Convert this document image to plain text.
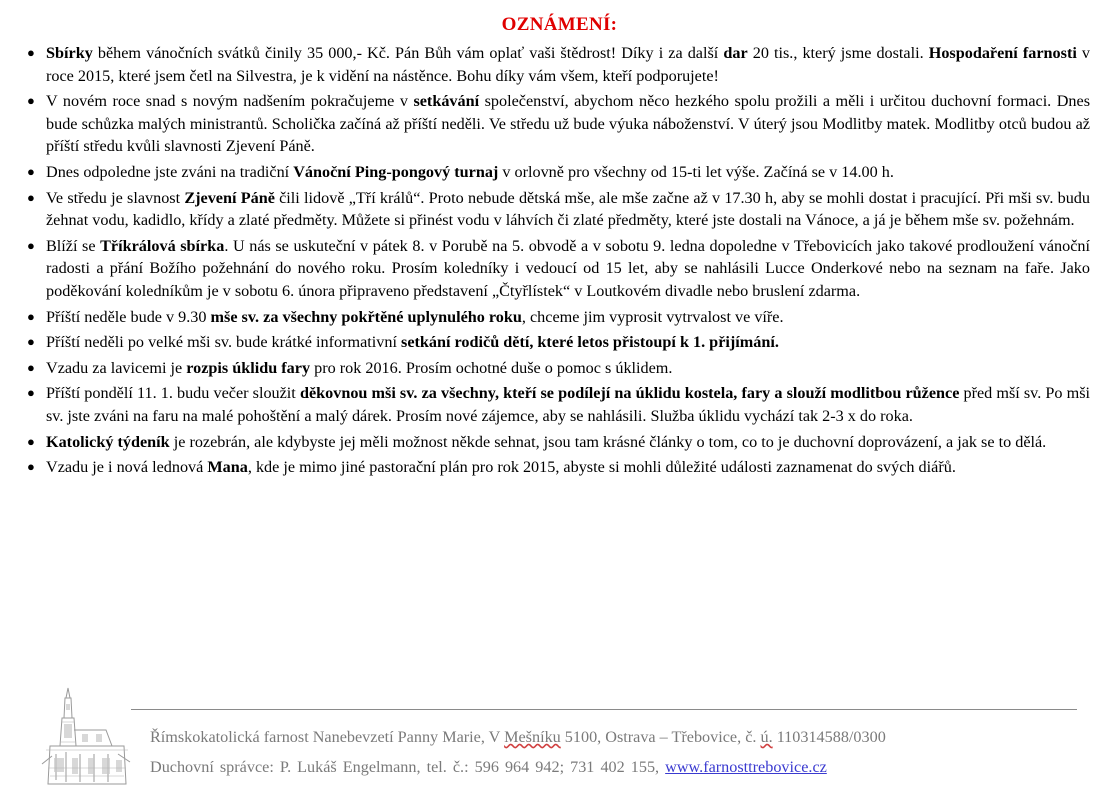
OZNÁMENÍ:
● Sbírky během vánočních svátků činily 35 000,- Kč. Pán Bůh vám oplať vaši štědrost! Díky i za další dar 20 tis., který jsme dostali. Hospodaření farnosti v roce 2015, které jsem četl na Silvestra, je k vidění na nástěnce. Bohu díky vám všem, kteří podporujete!
● V novém roce snad s novým nadšením pokračujeme v setkávání společenství, abychom něco hezkého spolu prožili a měli i určitou duchovní formaci. Dnes bude schůzka malých ministrantů. Scholička začíná až příští neděli. Ve středu už bude výuka náboženství. V úterý jsou Modlitby matek. Modlitby otců budou až příští středu kvůli slavnosti Zjevení Páně.
● Dnes odpoledne jste zváni na tradiční Vánoční Ping-pongový turnaj v orlovně pro všechny od 15-ti let výše. Začíná se v 14.00 h.
● Ve středu je slavnost Zjevení Páně čili lidově „Tří králů“. Proto nebude dětská mše, ale mše začne až v 17.30 h, aby se mohli dostat i pracující. Při mši sv. budu žehnat vodu, kadidlo, křídy a zlaté předměty. Můžete si přinést vodu v láhvích či zlaté předměty, které jste dostali na Vánoce, a já je během mše sv. požehnám.
● Blíží se Tříkrálová sbírka. U nás se uskuteční v pátek 8. v Porubě na 5. obvodě a v sobotu 9. ledna dopoledne v Třebovicích jako takové prodloužení vánoční radosti a přání Božího požehnání do nového roku. Prosím koledníky i vedoucí od 15 let, aby se nahlásili Lucce Onderkové nebo na seznam na faře. Jako poděkování koledníkům je v sobotu 6. února připraveno představení „Čtyřlístek“ v Loutkovém divadle nebo bruslení zdarma.
● Příští neděle bude v 9.30 mše sv. za všechny pokřtěné uplynulého roku, chceme jim vyprosit vytrvalost ve víře.
● Příští neděli po velké mši sv. bude krátké informativní setkání rodičů dětí, které letos přistoupí k 1. přijímání.
● Vzadu za lavicemi je rozpis úklidu fary pro rok 2016. Prosím ochotné duše o pomoc s úklidem.
● Příští pondělí 11. 1. budu večer sloužit děkovnou mši sv. za všechny, kteří se podílejí na úklidu kostela, fary a slouží modlitbou růžence před mší sv. Po mši sv. jste zváni na faru na malé pohoštění a malý dárek. Prosím nové zájemce, aby se nahlásili. Služba úklidu vychází tak 2-3 x do roka.
● Katolický týdeník je rozebrán, ale kdybyste jej měli možnost někde sehnat, jsou tam krásné články o tom, co to je duchovní doprovázení, a jak se to dělá.
● Vzadu je i nová lednová Mana, kde je mimo jiné pastorační plán pro rok 2015, abyste si mohli důležité události zaznamenat do svých diářů.
Římskokatolická farnost Nanebevzetí Panny Marie, V Mešníku 5100, Ostrava – Třebovice, č. ú. 110314588/0300
Duchovní správce: P. Lukáš Engelmann, tel. č.: 596 964 942; 731 402 155, www.farnosttrebovice.cz
